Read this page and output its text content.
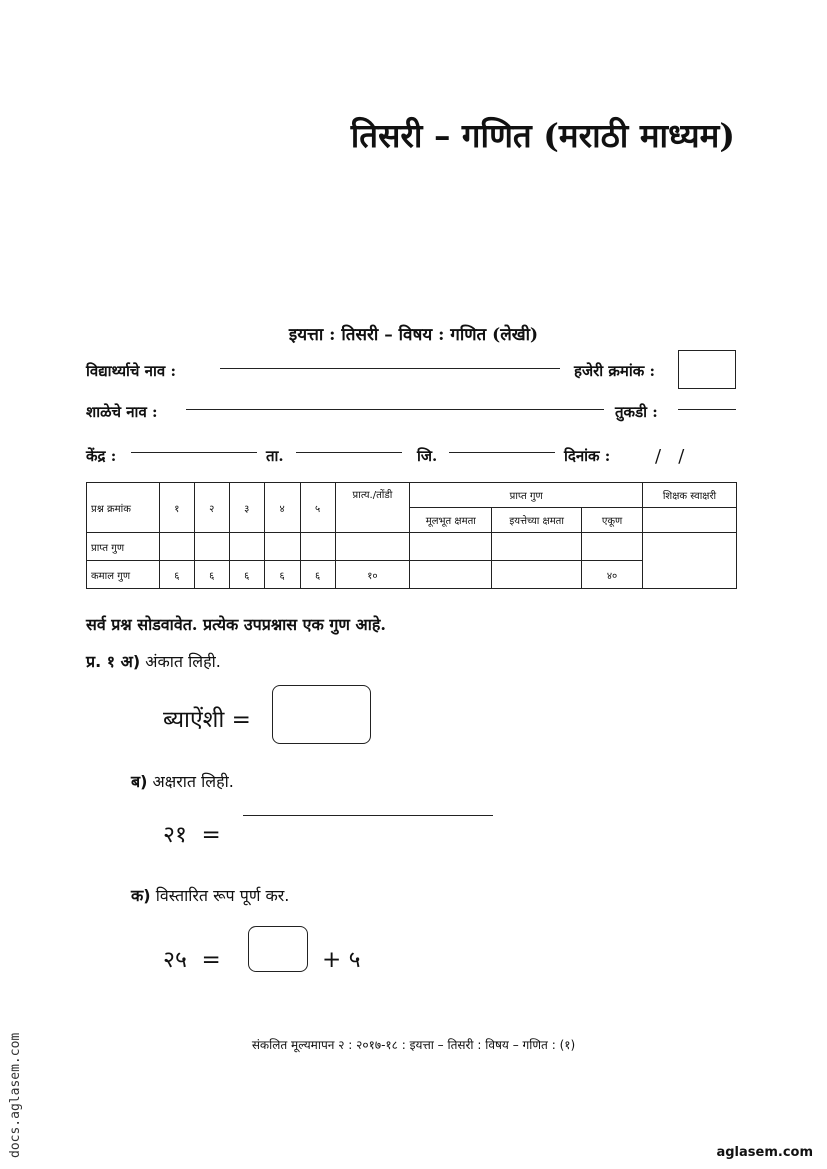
तिसरी – गणित (मराठी माध्यम)
इयत्ता : तिसरी – विषय : गणित (लेखी)
विद्यार्थ्याचे नाव :	हजेरी क्रमांक :
शाळेचे नाव :	तुकडी :
केंद्र :	ता.	जि.	दिनांक : /   /
प्रश्न क्रमांक	१	२	३	४	५	प्रात्य./तोंडी	प्राप्त गुण			शिक्षक स्वाक्षरी
							मूलभूत क्षमता	इयत्तेच्या क्षमता	एकूण	
प्राप्त गुण										
कमाल गुण	६	६	६	६	६	१०			४०	
सर्व प्रश्न सोडवावेत. प्रत्येक उपप्रश्नास एक गुण आहे.
प्र. १ अ) अंकात लिही.
ब्याऐंशी =
ब) अक्षरात लिही.
२१  =
क) विस्तारित रूप पूर्ण कर.
२५  =	+ ५
संकलित मूल्यमापन २ : २०१७-१८ : इयत्ता – तिसरी : विषय – गणित : (१)
docs.aglasem.com	aglasem.com
